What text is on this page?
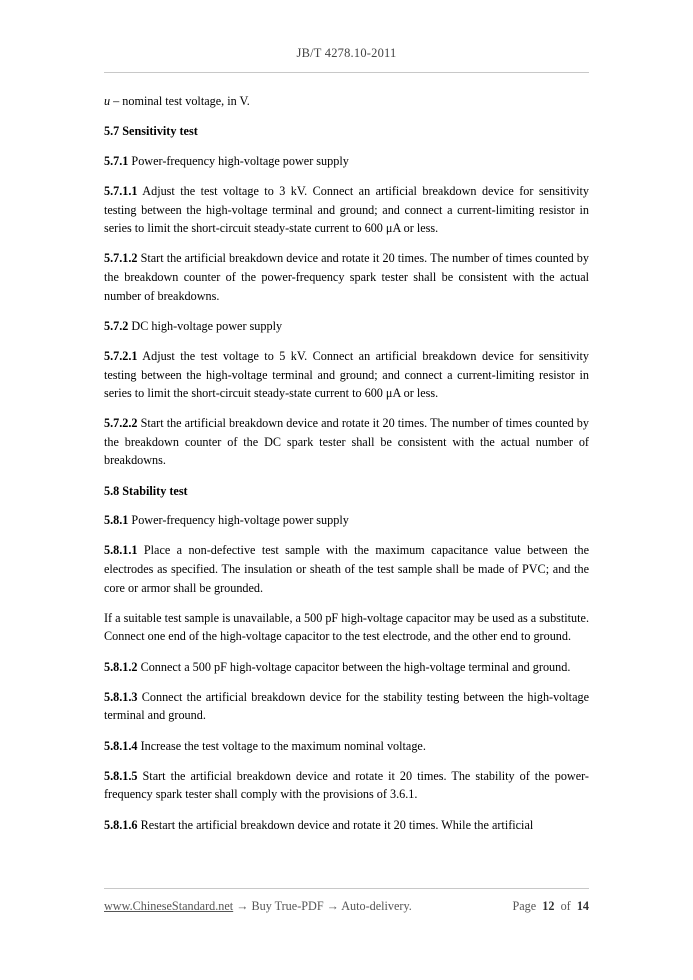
JB/T 4278.10-2011

u – nominal test voltage, in V.

5.7 Sensitivity test

5.7.1 Power-frequency high-voltage power supply

5.7.1.1 Adjust the test voltage to 3 kV. Connect an artificial breakdown device for sensitivity testing between the high-voltage terminal and ground; and connect a current-limiting resistor in series to limit the short-circuit steady-state current to 600 μA or less.

5.7.1.2 Start the artificial breakdown device and rotate it 20 times. The number of times counted by the breakdown counter of the power-frequency spark tester shall be consistent with the actual number of breakdowns.

5.7.2 DC high-voltage power supply

5.7.2.1 Adjust the test voltage to 5 kV. Connect an artificial breakdown device for sensitivity testing between the high-voltage terminal and ground; and connect a current-limiting resistor in series to limit the short-circuit steady-state current to 600 μA or less.

5.7.2.2 Start the artificial breakdown device and rotate it 20 times. The number of times counted by the breakdown counter of the DC spark tester shall be consistent with the actual number of breakdowns.

5.8 Stability test

5.8.1 Power-frequency high-voltage power supply

5.8.1.1 Place a non-defective test sample with the maximum capacitance value between the electrodes as specified. The insulation or sheath of the test sample shall be made of PVC; and the core or armor shall be grounded.

If a suitable test sample is unavailable, a 500 pF high-voltage capacitor may be used as a substitute. Connect one end of the high-voltage capacitor to the test electrode, and the other end to ground.

5.8.1.2 Connect a 500 pF high-voltage capacitor between the high-voltage terminal and ground.

5.8.1.3 Connect the artificial breakdown device for the stability testing between the high-voltage terminal and ground.

5.8.1.4 Increase the test voltage to the maximum nominal voltage.

5.8.1.5 Start the artificial breakdown device and rotate it 20 times. The stability of the power-frequency spark tester shall comply with the provisions of 3.6.1.

5.8.1.6 Restart the artificial breakdown device and rotate it 20 times. While the artificial

www.ChineseStandard.net → Buy True-PDF → Auto-delivery.	Page 12 of 14
